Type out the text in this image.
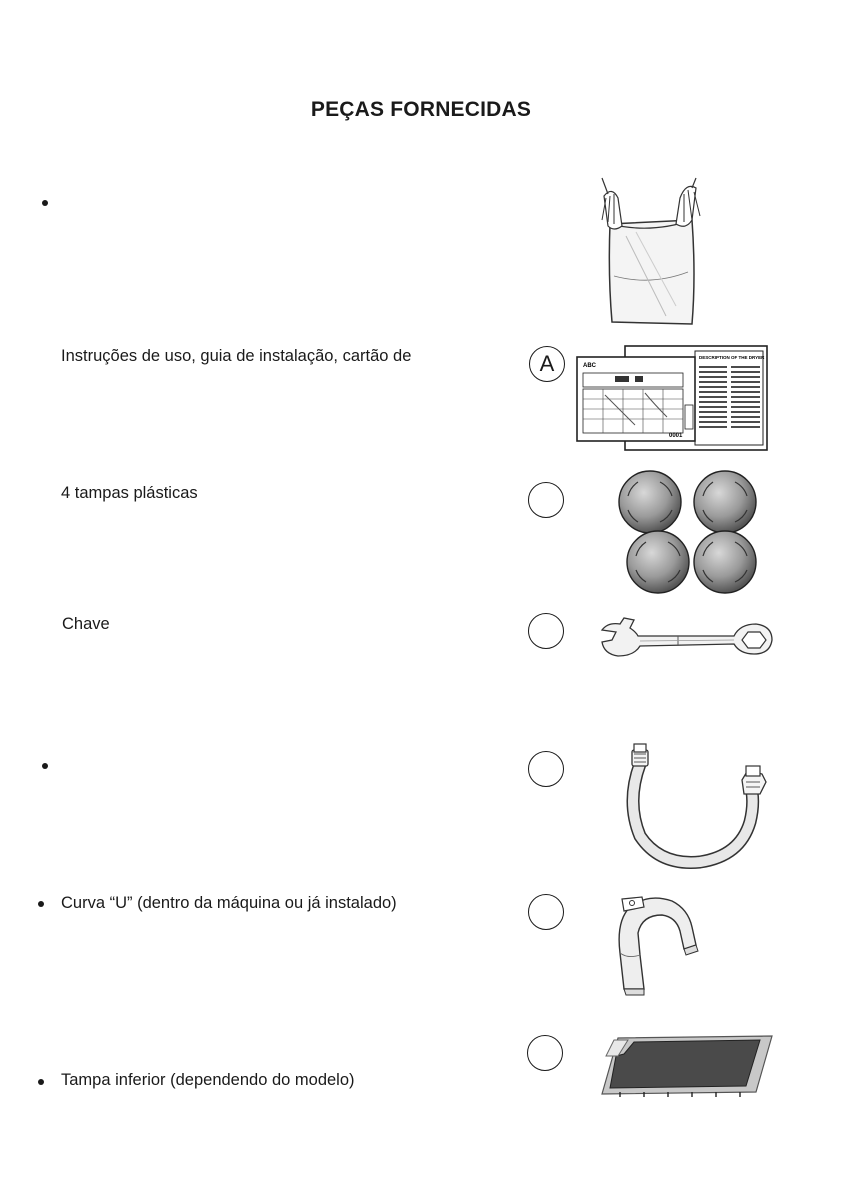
PEÇAS FORNECIDAS
Instruções de uso, guia de instalação, cartão de	A	DESCRIPTION OF THE DRYER
ABC
0001
4 tampas plásticas
Chave
Curva “U” (dentro da máquina ou já instalado)
Tampa inferior (dependendo do modelo)
